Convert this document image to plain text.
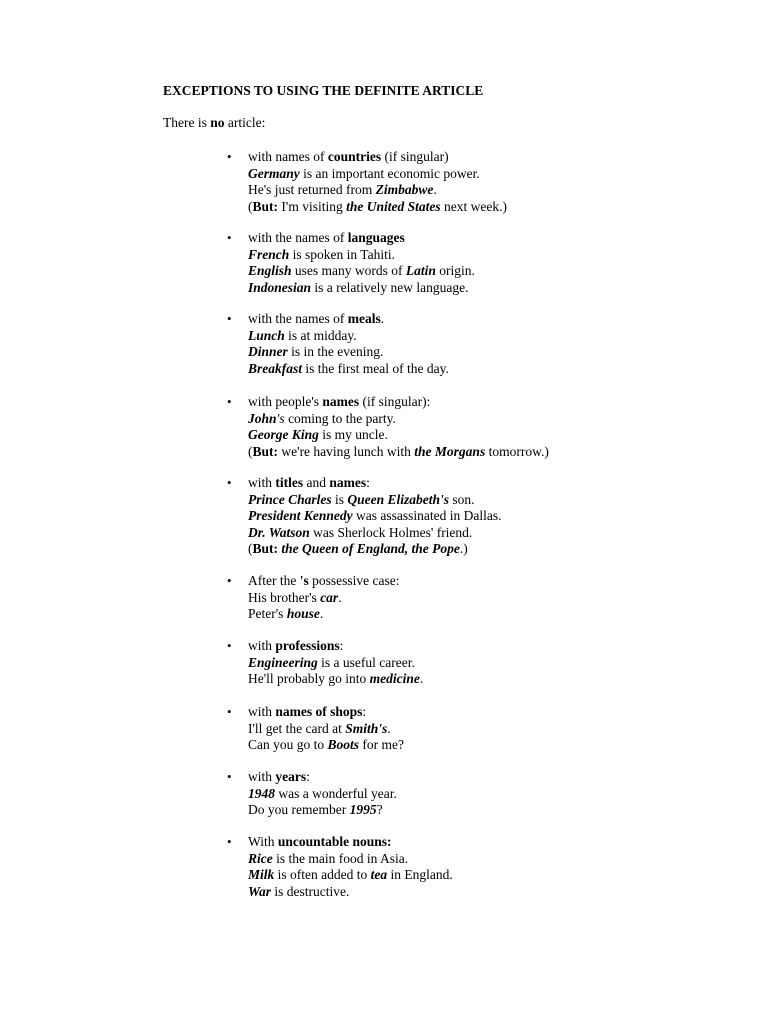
EXCEPTIONS TO USING THE DEFINITE ARTICLE
There is no article:
• with names of countries (if singular)
Germany is an important economic power.
He's just returned from Zimbabwe.
(But: I'm visiting the United States next week.)
• with the names of languages
French is spoken in Tahiti.
English uses many words of Latin origin.
Indonesian is a relatively new language.
• with the names of meals.
Lunch is at midday.
Dinner is in the evening.
Breakfast is the first meal of the day.
• with people's names (if singular):
John's coming to the party.
George King is my uncle.
(But: we're having lunch with the Morgans tomorrow.)
• with titles and names:
Prince Charles is Queen Elizabeth's son.
President Kennedy was assassinated in Dallas.
Dr. Watson was Sherlock Holmes' friend.
(But: the Queen of England, the Pope.)
• After the 's possessive case:
His brother's car.
Peter's house.
• with professions:
Engineering is a useful career.
He'll probably go into medicine.
• with names of shops:
I'll get the card at Smith's.
Can you go to Boots for me?
• with years:
1948 was a wonderful year.
Do you remember 1995?
• With uncountable nouns:
Rice is the main food in Asia.
Milk is often added to tea in England.
War is destructive.
